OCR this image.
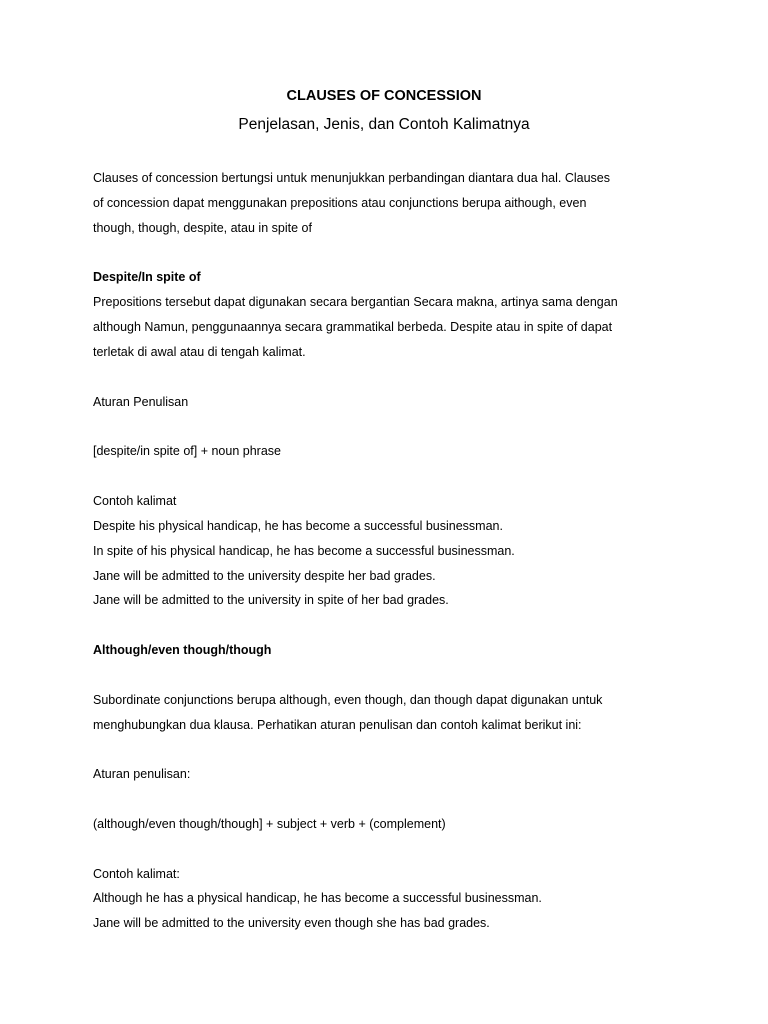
CLAUSES OF CONCESSION
Penjelasan, Jenis, dan Contoh Kalimatnya
Clauses of concession bertungsi untuk menunjukkan perbandingan diantara dua hal. Clauses
of concession dapat menggunakan prepositions atau conjunctions berupa aithough, even
though, though, despite, atau in spite of
Despite/In spite of
Prepositions tersebut dapat digunakan secara bergantian Secara makna, artinya sama dengan
although Namun, penggunaannya secara grammatikal berbeda. Despite atau in spite of dapat
terletak di awal atau di tengah kalimat.
Aturan Penulisan
[despite/in spite of] + noun phrase
Contoh kalimat
Despite his physical handicap, he has become a successful businessman.
In spite of his physical handicap, he has become a successful businessman.
Jane will be admitted to the university despite her bad grades.
Jane will be admitted to the university in spite of her bad grades.
Although/even though/though
Subordinate conjunctions berupa although, even though, dan though dapat digunakan untuk
menghubungkan dua klausa. Perhatikan aturan penulisan dan contoh kalimat berikut ini:
Aturan penulisan:
(although/even though/though] + subject + verb + (complement)
Contoh kalimat:
Although he has a physical handicap, he has become a successful businessman.
Jane will be admitted to the university even though she has bad grades.
